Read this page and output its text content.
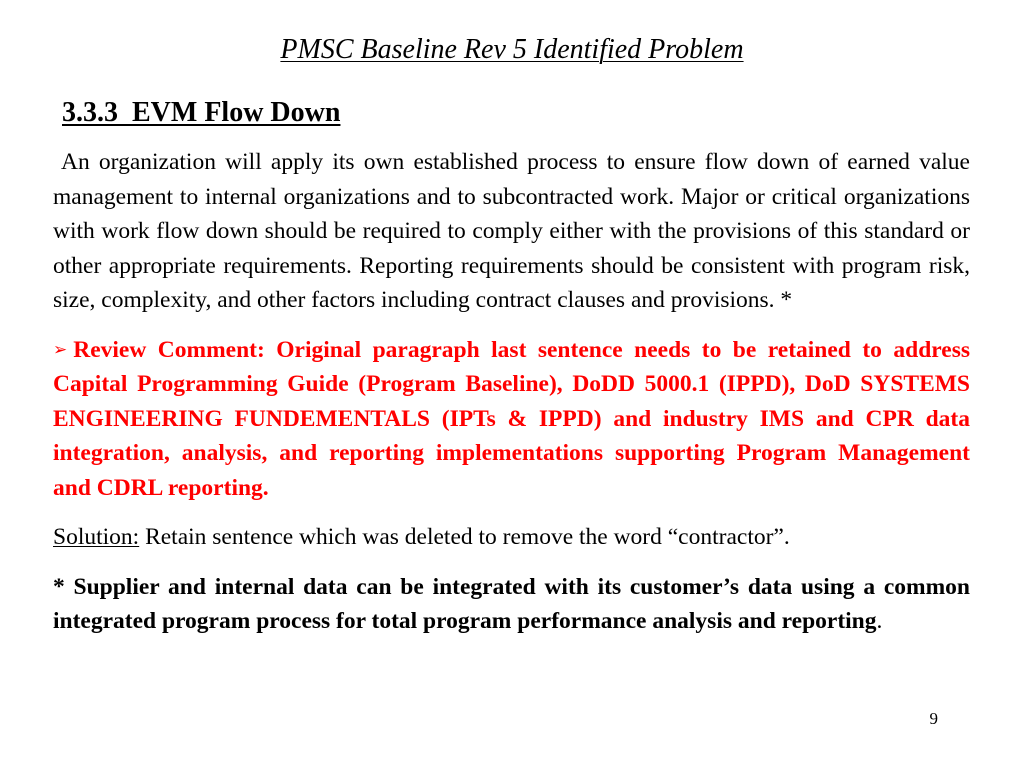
PMSC Baseline Rev 5 Identified Problem
3.3.3  EVM Flow Down

An organization will apply its own established process to ensure flow down of earned value management to internal organizations and to subcontracted work. Major or critical organizations with work flow down should be required to comply either with the provisions of this standard or other appropriate requirements. Reporting requirements should be consistent with program risk, size, complexity, and other factors including contract clauses and provisions. *

➢ Review Comment: Original paragraph last sentence needs to be retained to address Capital Programming Guide (Program Baseline), DoDD 5000.1 (IPPD), DoD SYSTEMS ENGINEERING FUNDEMENTALS (IPTs & IPPD) and industry IMS and CPR data integration, analysis, and reporting implementations supporting Program Management and CDRL reporting.

Solution: Retain sentence which was deleted to remove the word “contractor”.

* Supplier and internal data can be integrated with its customer’s data using a common integrated program process for total program performance analysis and reporting.

9
